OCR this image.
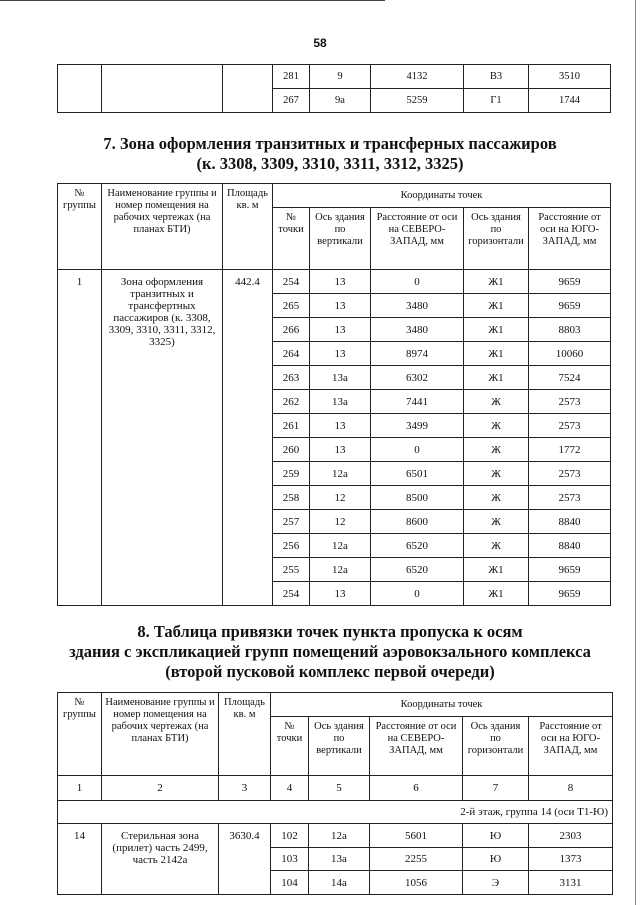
58
			281	9	4132	В3	3510
			267	9а	5259	Г1	1744
7. Зона оформления транзитных и трансферных пассажиров
(к. 3308, 3309, 3310, 3311, 3312, 3325)
№ группы	Наименование группы и номер помещения на рабочих чертежах (на планах БТИ)	Площадь кв. м	Координаты точек				
			№ точки	Ось здания по вертикали	Расстояние от оси на СЕВЕРО-ЗАПАД, мм	Ось здания по горизонтали	Расстояние от оси на ЮГО-ЗАПАД, мм
1	Зона оформления транзитных и трансфертных пассажиров (к. 3308, 3309, 3310, 3311, 3312, 3325)	442.4	254	13	0	Ж1	9659
			265	13	3480	Ж1	9659
			266	13	3480	Ж1	8803
			264	13	8974	Ж1	10060
			263	13а	6302	Ж1	7524
			262	13а	7441	Ж	2573
			261	13	3499	Ж	2573
			260	13	0	Ж	1772
			259	12а	6501	Ж	2573
			258	12	8500	Ж	2573
			257	12	8600	Ж	8840
			256	12а	6520	Ж	8840
			255	12а	6520	Ж1	9659
			254	13	0	Ж1	9659
8. Таблица привязки точек пункта пропуска к осям
здания с экспликацией групп помещений аэровокзального комплекса
(второй пусковой комплекс первой очереди)
№ группы	Наименование группы и номер помещения на рабочих чертежах (на планах БТИ)	Площадь кв. м	Координаты точек				
			№ точки	Ось здания по вертикали	Расстояние от оси на СЕВЕРО-ЗАПАД, мм	Ось здания по горизонтали	Расстояние от оси на ЮГО-ЗАПАД, мм
1	2	3	4	5	6	7	8
2-й этаж, группа 14 (оси Т1-Ю)							
14	Стерильная зона (прилет) часть 2499, часть 2142а	3630.4	102	12а	5601	Ю	2303
			103	13а	2255	Ю	1373
			104	14а	1056	Э	3131
